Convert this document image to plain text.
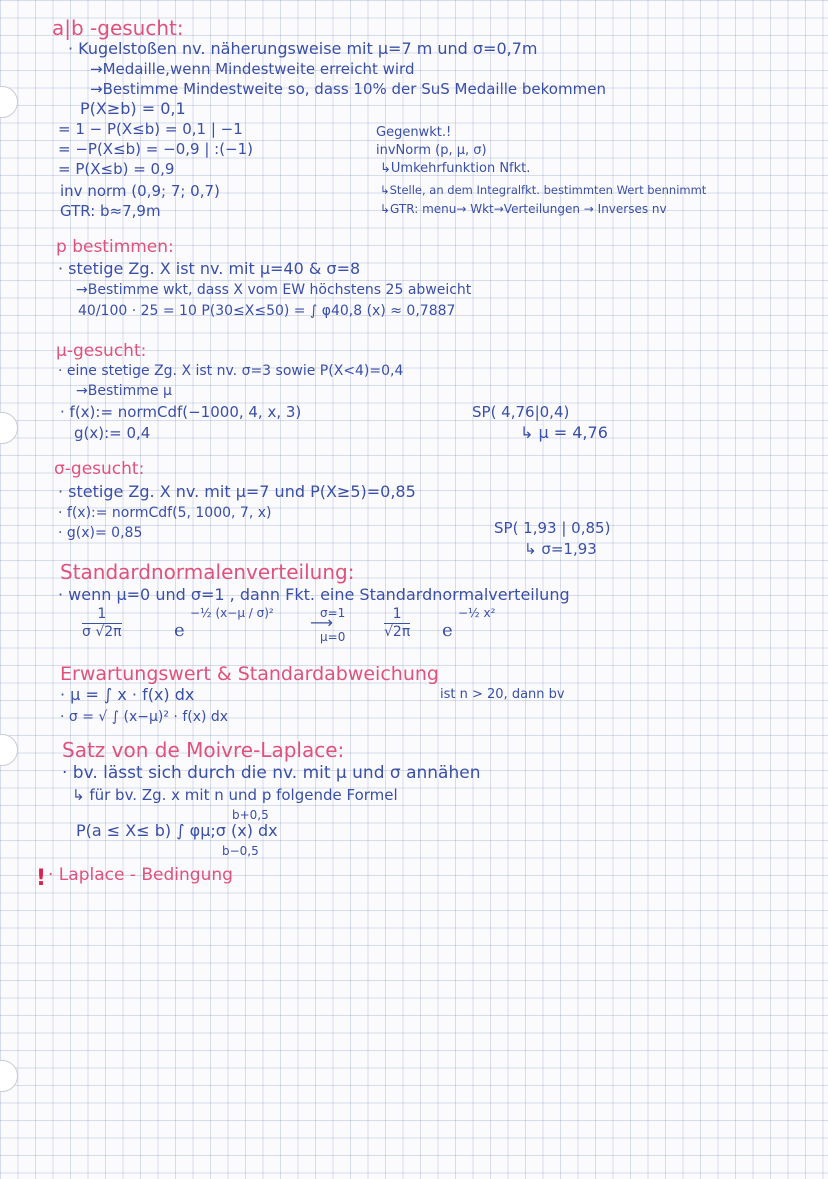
a|b -gesucht:
· Kugelstoßen nv. näherungsweise mit μ=7 m und σ=0,7m
→Medaille,wenn Mindestweite erreicht wird
→Bestimme Mindestweite so, dass 10% der SuS Medaille bekommen
P(X≥b) = 0,1
= 1 − P(X≤b) = 0,1 | −1
= −P(X≤b) = −0,9 | :(−1)
= P(X≤b) = 0,9
inv norm (0,9; 7; 0,7)
GTR: b≈7,9m
Gegenwkt.!
invNorm (p, μ, σ)
↳Umkehrfunktion Nfkt.
↳Stelle, an dem Integralfkt. bestimmten Wert bennimmt
↳GTR: menu→ Wkt→Verteilungen → Inverses nv
p bestimmen:
· stetige Zg. X ist nv. mit μ=40 & σ=8
→Bestimme wkt, dass X vom EW höchstens 25 abweicht
40/100 · 25 = 10 P(30≤X≤50) = ∫ φ40,8 (x) ≈ 0,7887
μ-gesucht:
· eine stetige Zg. X ist nv. σ=3 sowie P(X<4)=0,4
→Bestimme μ
· f(x):= normCdf(−1000, 4, x, 3)
g(x):= 0,4
SP( 4,76|0,4)
↳ μ = 4,76
σ-gesucht:
· stetige Zg. X nv. mit μ=7 und P(X≥5)=0,85
· f(x):= normCdf(5, 1000, 7, x)
· g(x)= 0,85	SP( 1,93 | 0,85)
↳ σ=1,93
Standardnormalenverteilung:
· wenn μ=0 und σ=1 , dann Fkt. eine Standardnormalverteilung
$\frac{1}{\sigma √2\pi}$	e
−½ (x−μ / σ)²	σ=1
⟶
μ=0	$\frac{1}{√2\pi}$ e
−½ x²
Erwartungswert & Standardabweichung
· μ = ∫ x · f(x) dx
· σ = √ ∫ (x−μ)² · f(x) dx
ist n > 20, dann bv
Satz von de Moivre-Laplace:
· bv. lässt sich durch die nv. mit μ und σ annähen
↳ für bv. Zg. x mit n und p folgende Formel
b+0,5
P(a ≤ X≤ b) ∫ φμ;σ (x) dx
b−0,5
! · Laplace - Bedingung
